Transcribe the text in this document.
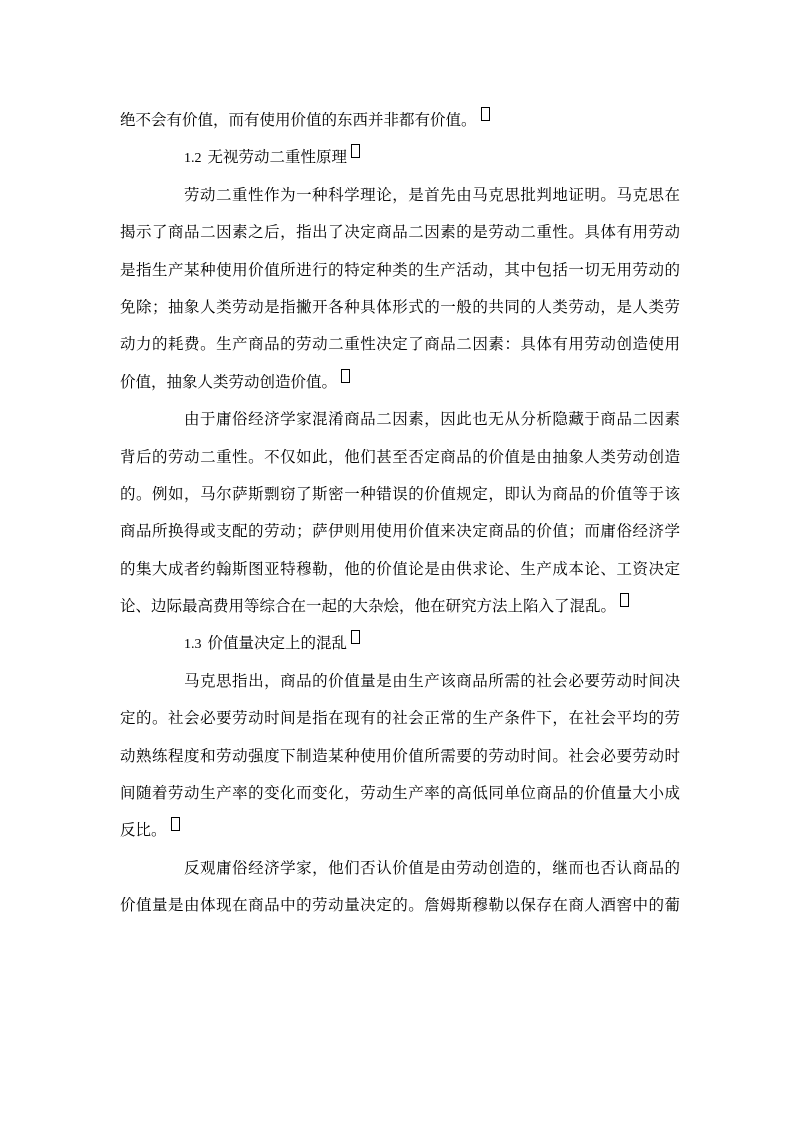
绝不会有价值，而有使用价值的东西并非都有价值。
1.2 无视劳动二重性原理
劳动二重性作为一种科学理论，是首先由马克思批判地证明。马克思在
揭示了商品二因素之后，指出了决定商品二因素的是劳动二重性。具体有用劳动
是指生产某种使用价值所进行的特定种类的生产活动，其中包括一切无用劳动的
免除；抽象人类劳动是指撇开各种具体形式的一般的共同的人类劳动，是人类劳
动力的耗费。生产商品的劳动二重性决定了商品二因素：具体有用劳动创造使用
价值，抽象人类劳动创造价值。
由于庸俗经济学家混淆商品二因素，因此也无从分析隐藏于商品二因素
背后的劳动二重性。不仅如此，他们甚至否定商品的价值是由抽象人类劳动创造
的。例如，马尔萨斯剽窃了斯密一种错误的价值规定，即认为商品的价值等于该
商品所换得或支配的劳动；萨伊则用使用价值来决定商品的价值；而庸俗经济学
的集大成者约翰斯图亚特穆勒，他的价值论是由供求论、生产成本论、工资决定
论、边际最高费用等综合在一起的大杂烩，他在研究方法上陷入了混乱。
1.3 价值量决定上的混乱
马克思指出，商品的价值量是由生产该商品所需的社会必要劳动时间决
定的。社会必要劳动时间是指在现有的社会正常的生产条件下，在社会平均的劳
动熟练程度和劳动强度下制造某种使用价值所需要的劳动时间。社会必要劳动时
间随着劳动生产率的变化而变化，劳动生产率的高低同单位商品的价值量大小成
反比。
反观庸俗经济学家，他们否认价值是由劳动创造的，继而也否认商品的
价值量是由体现在商品中的劳动量决定的。詹姆斯穆勒以保存在商人酒窖中的葡
